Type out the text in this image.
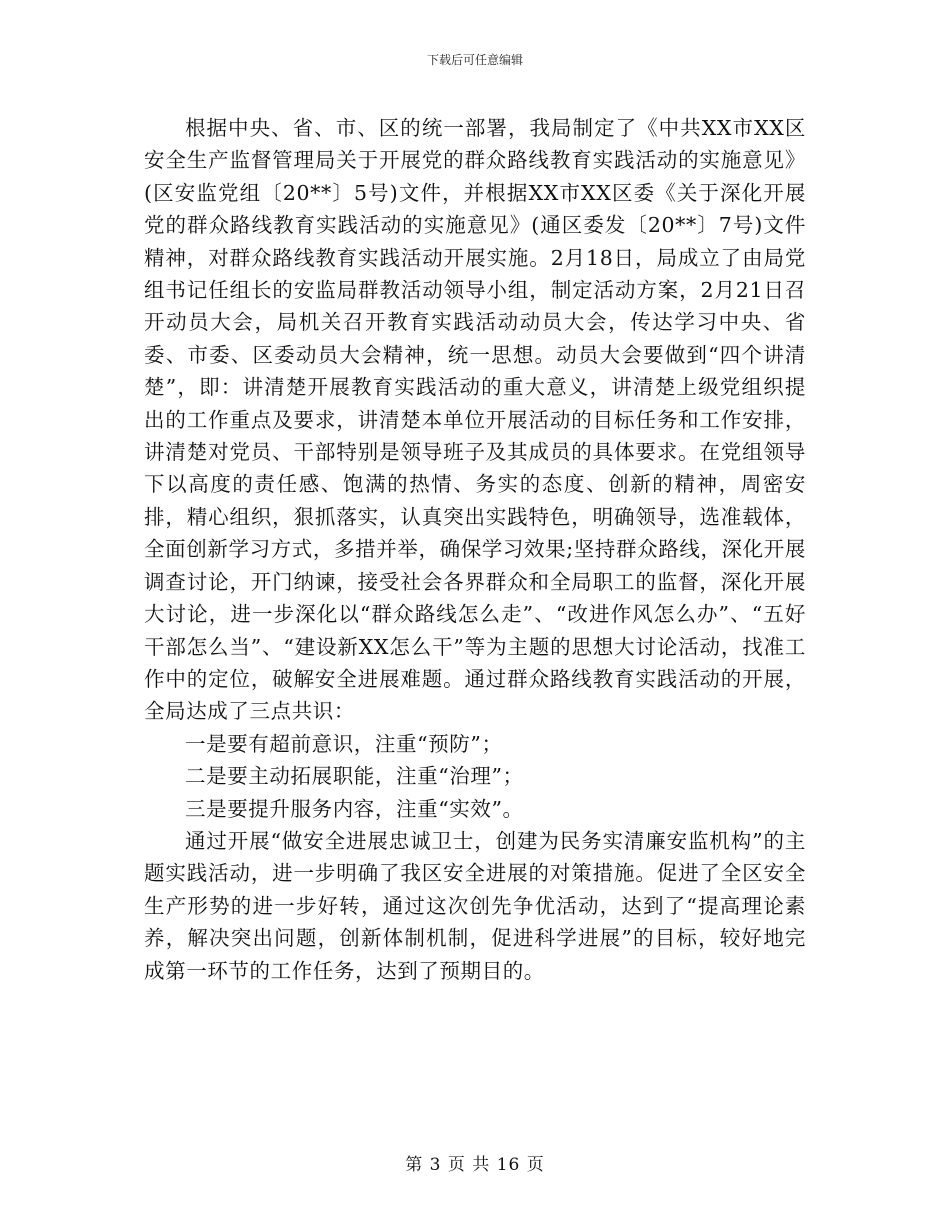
下载后可任意编辑

根据中央、省、市、区的统一部署，我局制定了《中共XX市XX区安全生产监督管理局关于开展党的群众路线教育实践活动的实施意见》(区安监党组〔20**〕5号)文件，并根据XX市XX区委《关于深化开展党的群众路线教育实践活动的实施意见》(通区委发〔20**〕7号)文件精神，对群众路线教育实践活动开展实施。2月18日，局成立了由局党组书记任组长的安监局群教活动领导小组，制定活动方案，2月21日召开动员大会，局机关召开教育实践活动动员大会，传达学习中央、省委、市委、区委动员大会精神，统一思想。动员大会要做到“四个讲清楚”，即：讲清楚开展教育实践活动的重大意义，讲清楚上级党组织提出的工作重点及要求，讲清楚本单位开展活动的目标任务和工作安排，讲清楚对党员、干部特别是领导班子及其成员的具体要求。在党组领导下以高度的责任感、饱满的热情、务实的态度、创新的精神，周密安排，精心组织，狠抓落实，认真突出实践特色，明确领导，选准载体，全面创新学习方式，多措并举，确保学习效果;坚持群众路线，深化开展调查讨论，开门纳谏，接受社会各界群众和全局职工的监督，深化开展大讨论，进一步深化以“群众路线怎么走”、“改进作风怎么办”、“五好干部怎么当”、“建设新XX怎么干”等为主题的思想大讨论活动，找准工作中的定位，破解安全进展难题。通过群众路线教育实践活动的开展，全局达成了三点共识：

一是要有超前意识，注重“预防”；

二是要主动拓展职能，注重“治理”；

三是要提升服务内容，注重“实效”。

通过开展“做安全进展忠诚卫士，创建为民务实清廉安监机构”的主题实践活动，进一步明确了我区安全进展的对策措施。促进了全区安全生产形势的进一步好转，通过这次创先争优活动，达到了“提高理论素养，解决突出问题，创新体制机制，促进科学进展”的目标，较好地完成第一环节的工作任务，达到了预期目的。

第 3 页 共 16 页
